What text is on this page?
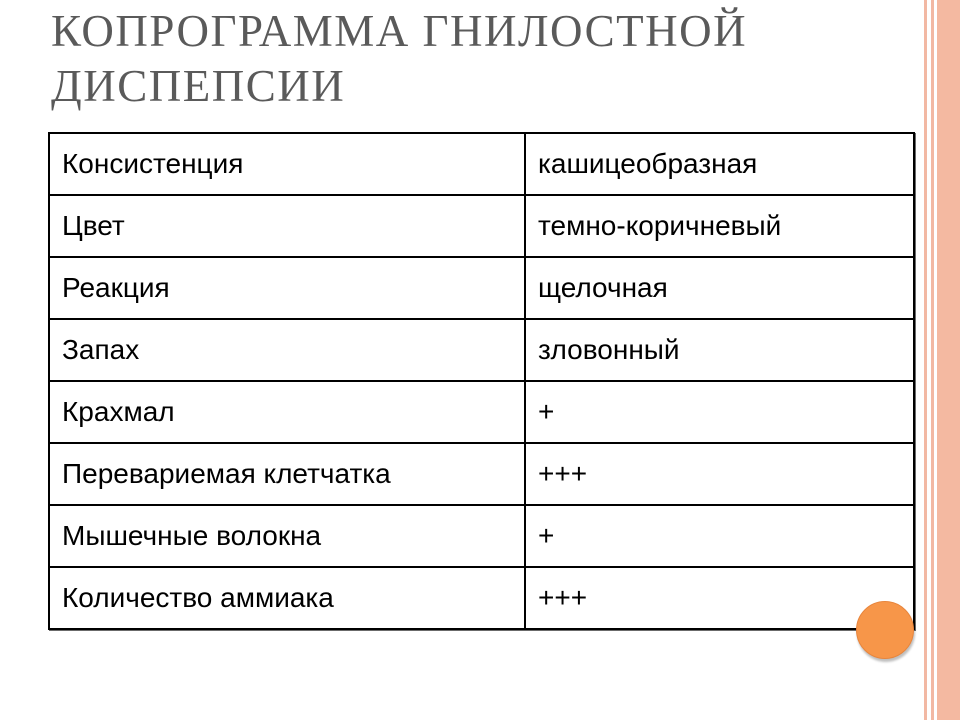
КОПРОГРАММА ГНИЛОСТНОЙ ДИСПЕПСИИ
Консистенция	кашицеобразная
Цвет	темно-коричневый
Реакция	щелочная
Запах	зловонный
Крахмал	+
Перевариемая клетчатка	+++
Мышечные волокна	+
Количество аммиака	+++
